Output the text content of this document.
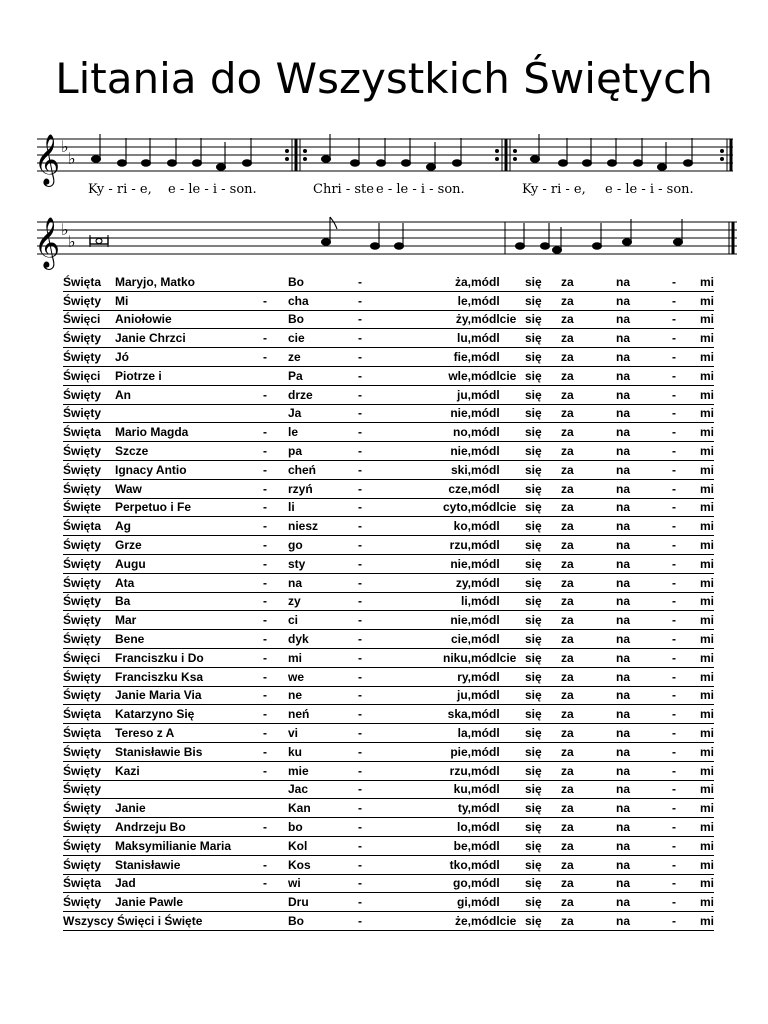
Litania do Wszystkich Świętych
𝄞 ♭
♭
Ky - ri - e, e - le - i - son.	Chri - ste e - le - i - son.	Ky - ri - e, e - le - i - son.
𝄞 ♭
♭
Święta	Maryjo, Matko		Bo	-	ża,	módl	się	za	na	-	mi
Święty	Mi	-	cha	-	le,	módl	się	za	na	-	mi
Święci	Aniołowie		Bo	-	ży,	módlcie	się	za	na	-	mi
Święty	Janie Chrzci	-	cie	-	lu,	módl	się	za	na	-	mi
Święty	Jó	-	ze	-	fie,	módl	się	za	na	-	mi
Święci	Piotrze i		Pa	-	wle,	módlcie	się	za	na	-	mi
Święty	An	-	drze	-	ju,	módl	się	za	na	-	mi
Święty			Ja	-	nie,	módl	się	za	na	-	mi
Święta	Mario Magda	-	le	-	no,	módl	się	za	na	-	mi
Święty	Szcze	-	pa	-	nie,	módl	się	za	na	-	mi
Święty	Ignacy Antio	-	cheń	-	ski,	módl	się	za	na	-	mi
Święty	Waw	-	rzyń	-	cze,	módl	się	za	na	-	mi
Święte	Perpetuo i Fe	-	li	-	cyto,	módlcie	się	za	na	-	mi
Święta	Ag	-	niesz	-	ko,	módl	się	za	na	-	mi
Święty	Grze	-	go	-	rzu,	módl	się	za	na	-	mi
Święty	Augu	-	sty	-	nie,	módl	się	za	na	-	mi
Święty	Ata	-	na	-	zy,	módl	się	za	na	-	mi
Święty	Ba	-	zy	-	li,	módl	się	za	na	-	mi
Święty	Mar	-	ci	-	nie,	módl	się	za	na	-	mi
Święty	Bene	-	dyk	-	cie,	módl	się	za	na	-	mi
Święci	Franciszku i Do	-	mi	-	niku,	módlcie	się	za	na	-	mi
Święty	Franciszku Ksa	-	we	-	ry,	módl	się	za	na	-	mi
Święty	Janie Maria Via	-	ne	-	ju,	módl	się	za	na	-	mi
Święta	Katarzyno Się	-	neń	-	ska,	módl	się	za	na	-	mi
Święta	Tereso z A	-	vi	-	la,	módl	się	za	na	-	mi
Święty	Stanisławie Bis	-	ku	-	pie,	módl	się	za	na	-	mi
Święty	Kazi	-	mie	-	rzu,	módl	się	za	na	-	mi
Święty			Jac	-	ku,	módl	się	za	na	-	mi
Święty	Janie		Kan	-	ty,	módl	się	za	na	-	mi
Święty	Andrzeju Bo	-	bo	-	lo,	módl	się	za	na	-	mi
Święty	Maksymilianie Maria		Kol	-	be,	módl	się	za	na	-	mi
Święty	Stanisławie	-	Kos	-	tko,	módl	się	za	na	-	mi
Święta	Jad	-	wi	-	go,	módl	się	za	na	-	mi
Święty	Janie Pawle		Dru	-	gi,	módl	się	za	na	-	mi
Wszyscy Święci i Święte			Bo	-	że,	módlcie	się	za	na	-	mi
